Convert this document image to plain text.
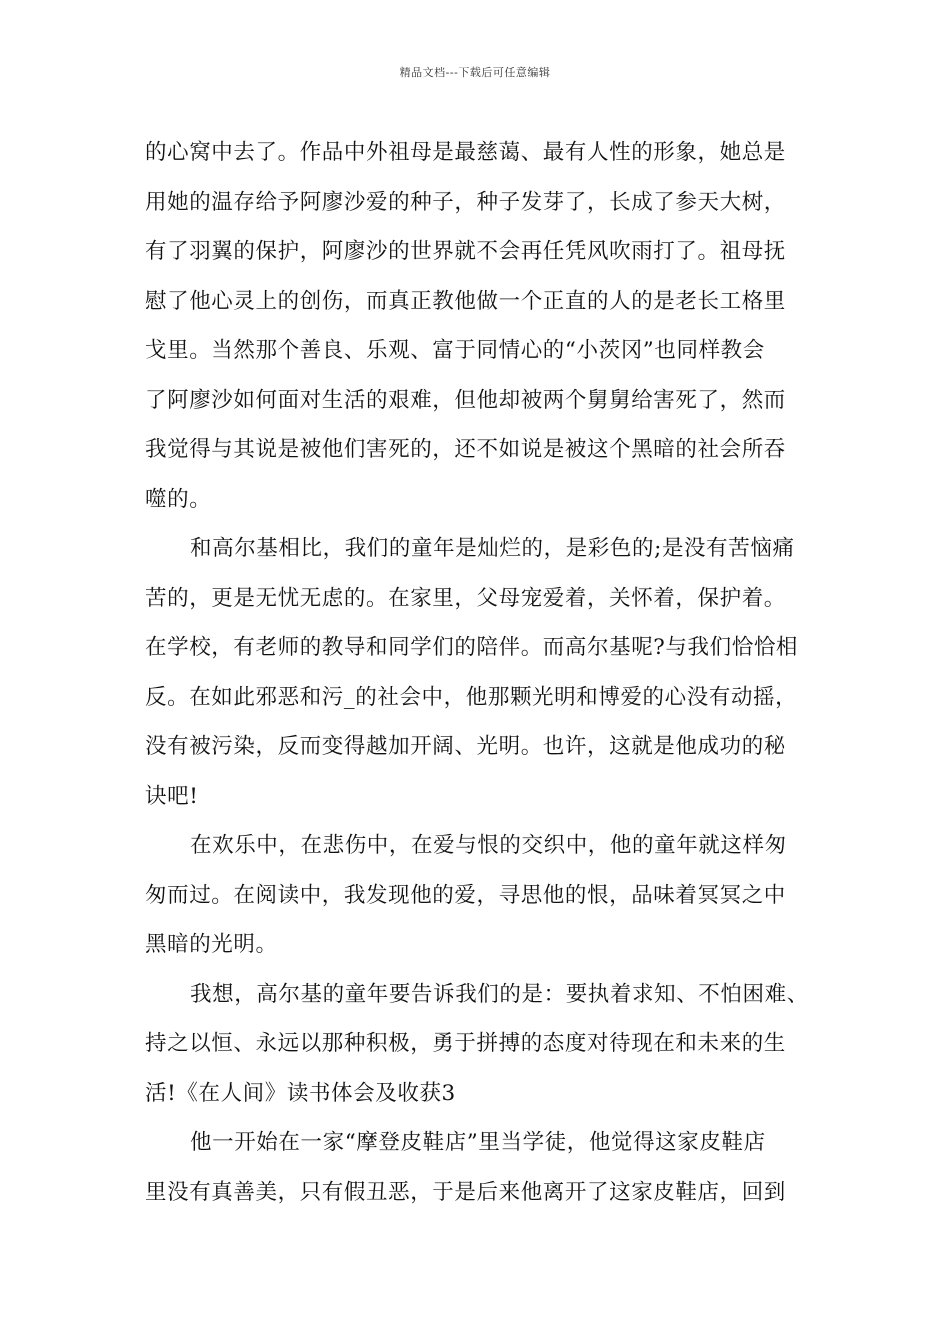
精品文档---下载后可任意编辑
的心窝中去了。作品中外祖母是最慈蔼、最有人性的形象，她总是
用她的温存给予阿廖沙爱的种子，种子发芽了，长成了参天大树，
有了羽翼的保护，阿廖沙的世界就不会再任凭风吹雨打了。祖母抚
慰了他心灵上的创伤，而真正教他做一个正直的人的是老长工格里
戈里。当然那个善良、乐观、富于同情心的“小茨冈”也同样教会
了阿廖沙如何面对生活的艰难，但他却被两个舅舅给害死了，然而
我觉得与其说是被他们害死的，还不如说是被这个黑暗的社会所吞
噬的。
和高尔基相比，我们的童年是灿烂的，是彩色的;是没有苦恼痛
苦的，更是无忧无虑的。在家里，父母宠爱着，关怀着，保护着。
在学校，有老师的教导和同学们的陪伴。而高尔基呢?与我们恰恰相
反。在如此邪恶和污_的社会中，他那颗光明和博爱的心没有动摇，
没有被污染，反而变得越加开阔、光明。也许，这就是他成功的秘
诀吧!
在欢乐中，在悲伤中，在爱与恨的交织中，他的童年就这样匆
匆而过。在阅读中，我发现他的爱，寻思他的恨，品味着冥冥之中
黑暗的光明。
我想，高尔基的童年要告诉我们的是：要执着求知、不怕困难、
持之以恒、永远以那种积极，勇于拼搏的态度对待现在和未来的生
活!《在人间》读书体会及收获3
他一开始在一家“摩登皮鞋店”里当学徒，他觉得这家皮鞋店
里没有真善美，只有假丑恶，于是后来他离开了这家皮鞋店，回到
